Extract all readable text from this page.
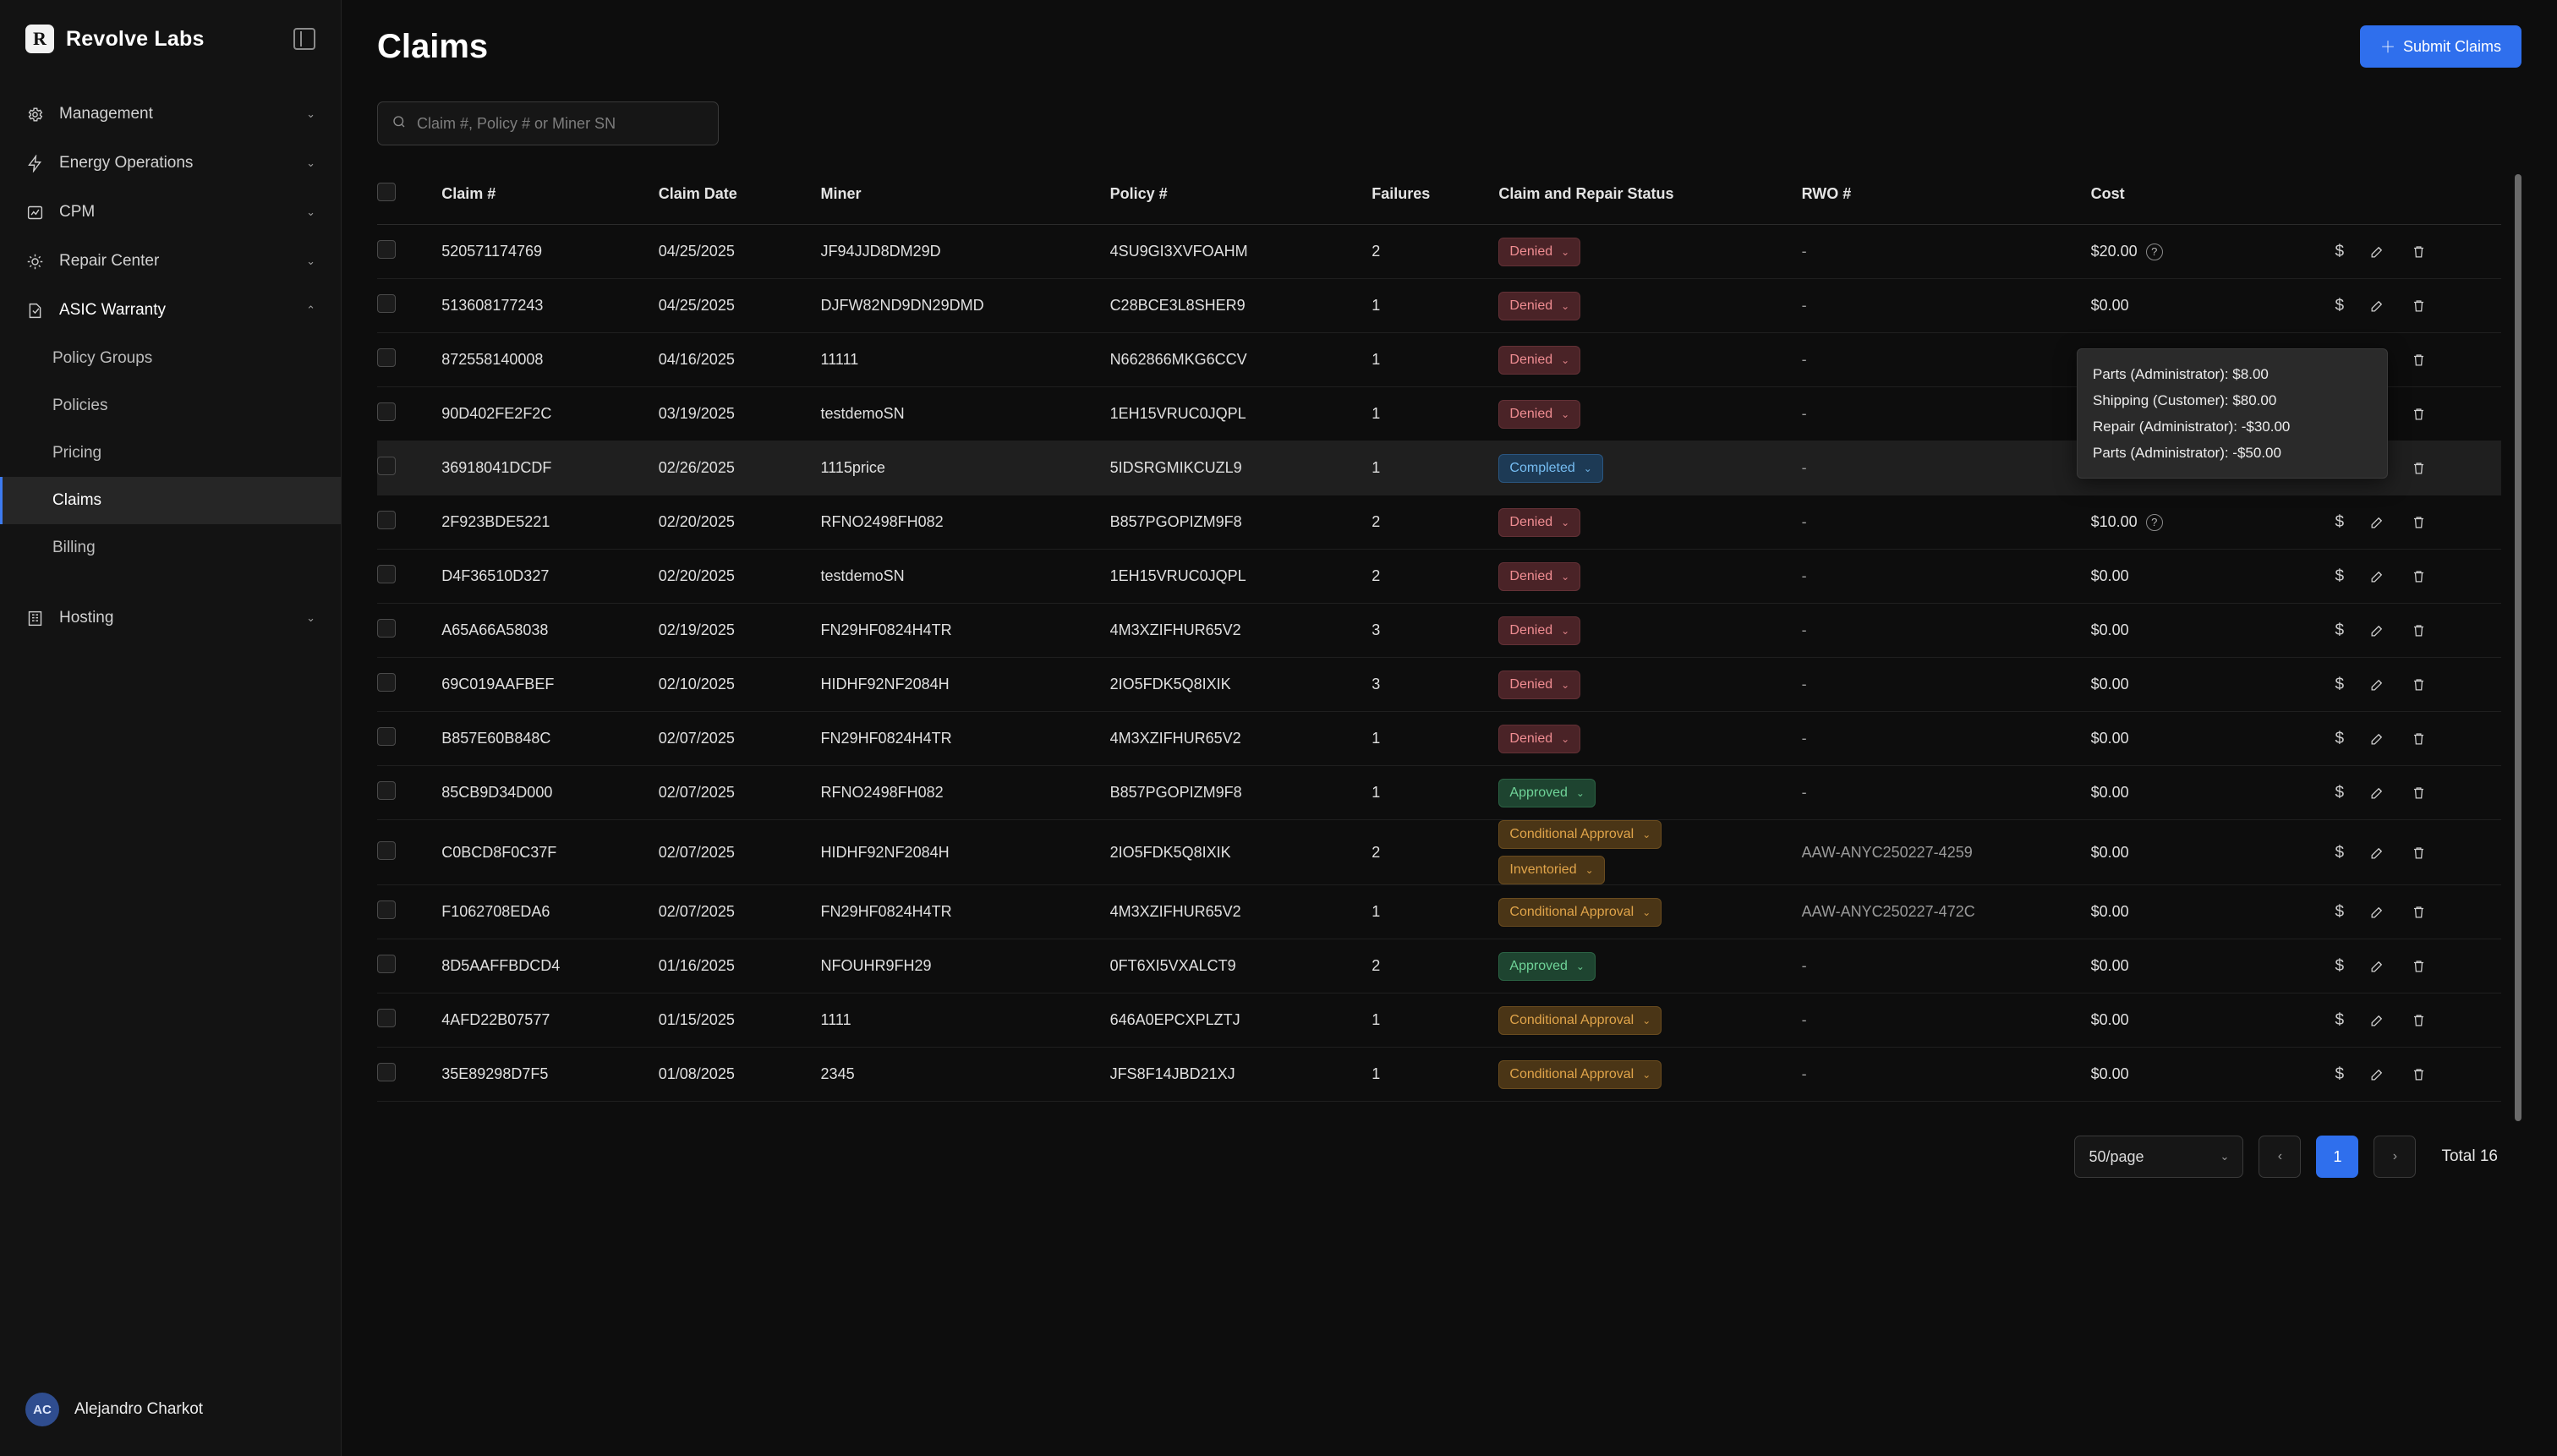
R Revolve Labs
Management	⌄
Energy Operations	⌄
CPM	⌄
Repair Center	⌄
ASIC Warranty	⌃
Policy Groups
Policies
Pricing
Claims
Billing
Hosting	⌄
AC	Alejandro Charkot
Claims	＋ Submit Claims
Claim #, Policy # or Miner SN
	Claim #	Claim Date	Miner	Policy #	Failures	Claim and Repair Status	RWO #	Cost	
	520571174769	04/25/2025	JF94JJD8DM29D	4SU9GI3XVFOAHM	2	Denied ⌄	-	$20.00 ?	$

	513608177243	04/25/2025	DJFW82ND9DN29DMD	C28BCE3L8SHER9	1	Denied ⌄	-	$0.00	$

	872558140008	04/16/2025	11111	N662866MKG6CCV	1	Denied ⌄	-	

	90D402FE2F2C	03/19/2025	testdemoSN	1EH15VRUC0JQPL	1	Denied ⌄	-	

	36918041DCDF	02/26/2025	1115price	5IDSRGMIKCUZL9	1	Completed ⌄	-	

	2F923BDE5221	02/20/2025	RFNO2498FH082	B857PGOPIZM9F8	2	Denied ⌄	-	$10.00 ?	$

	D4F36510D327	02/20/2025	testdemoSN	1EH15VRUC0JQPL	2	Denied ⌄	-	$0.00	$

	A65A66A58038	02/19/2025	FN29HF0824H4TR	4M3XZIFHUR65V2	3	Denied ⌄	-	$0.00	$

	69C019AAFBEF	02/10/2025	HIDHF92NF2084H	2IO5FDK5Q8IXIK	3	Denied ⌄	-	$0.00	$

	B857E60B848C	02/07/2025	FN29HF0824H4TR	4M3XZIFHUR65V2	1	Denied ⌄	-	$0.00	$

	85CB9D34D000	02/07/2025	RFNO2498FH082	B857PGOPIZM9F8	1	Approved ⌄	-	$0.00	$

	C0BCD8F0C37F	02/07/2025	HIDHF92NF2084H	2IO5FDK5Q8IXIK	2	Conditional Approval ⌄
Inventoried ⌄	AAW-ANYC250227-4259	$0.00	$

	F1062708EDA6	02/07/2025	FN29HF0824H4TR	4M3XZIFHUR65V2	1	Conditional Approval ⌄	AAW-ANYC250227-472C	$0.00	$

	8D5AAFFBDCD4	01/16/2025	NFOUHR9FH29	0FT6XI5VXALCT9	2	Approved ⌄	-	$0.00	$

	4AFD22B07577	01/15/2025	1111	646A0EPCXPLZTJ	1	Conditional Approval ⌄	-	$0.00	$

	35E89298D7F5	01/08/2025	2345	JFS8F14JBD21XJ	1	Conditional Approval ⌄	-	$0.00	$
Parts (Administrator): $8.00
Shipping (Customer): $80.00
Repair (Administrator): -$30.00
Parts (Administrator): -$50.00
50/page	⌄	‹	1	›	Total 16
